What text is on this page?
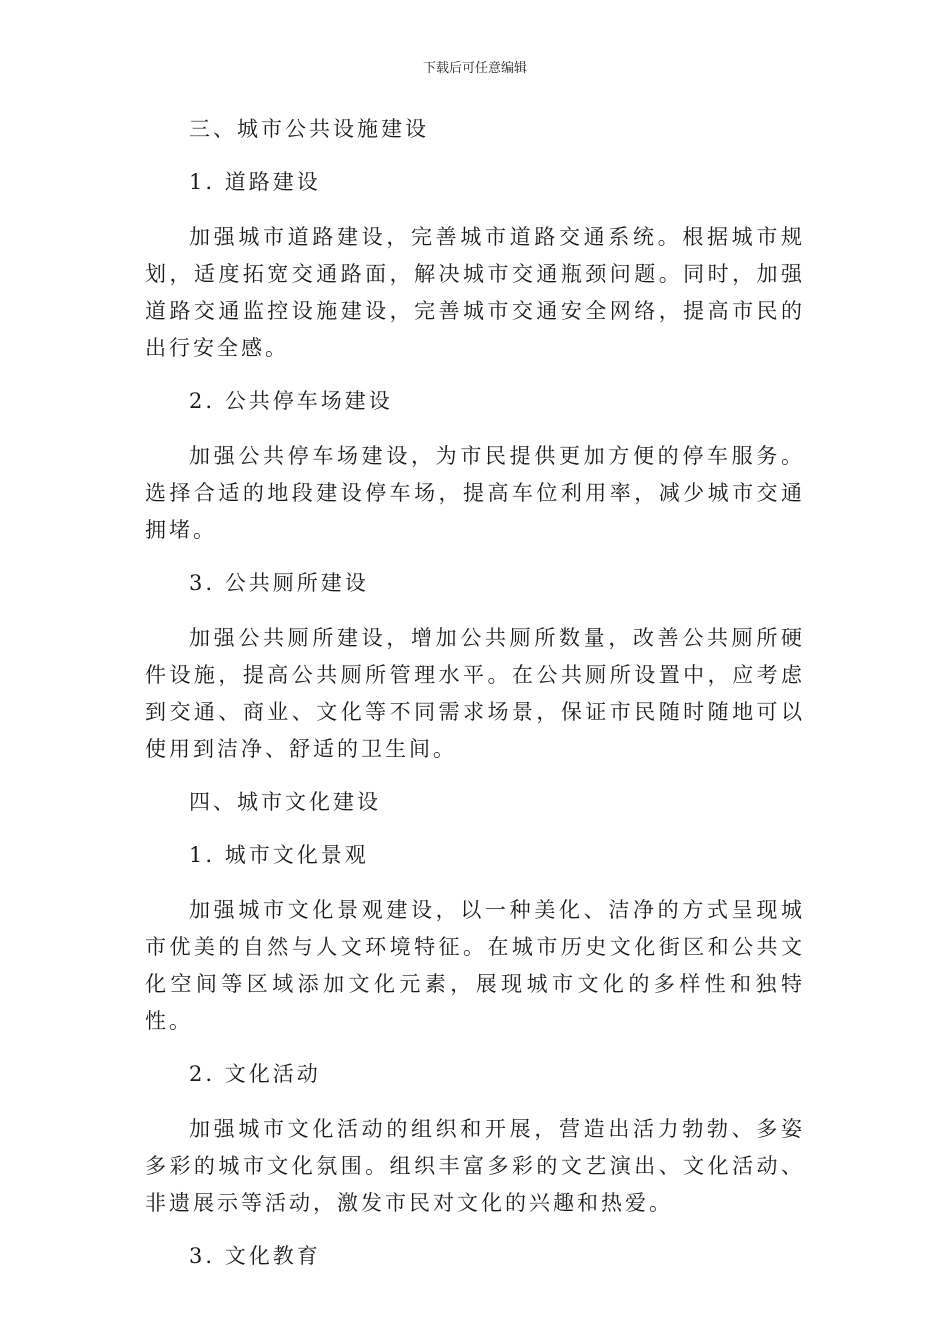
下载后可任意编辑

三、城市公共设施建设

1. 道路建设

加强城市道路建设，完善城市道路交通系统。根据城市规划，适度拓宽交通路面，解决城市交通瓶颈问题。同时，加强道路交通监控设施建设，完善城市交通安全网络，提高市民的出行安全感。

2. 公共停车场建设

加强公共停车场建设，为市民提供更加方便的停车服务。选择合适的地段建设停车场，提高车位利用率，减少城市交通拥堵。

3. 公共厕所建设

加强公共厕所建设，增加公共厕所数量，改善公共厕所硬件设施，提高公共厕所管理水平。在公共厕所设置中，应考虑到交通、商业、文化等不同需求场景，保证市民随时随地可以使用到洁净、舒适的卫生间。

四、城市文化建设

1. 城市文化景观

加强城市文化景观建设，以一种美化、洁净的方式呈现城市优美的自然与人文环境特征。在城市历史文化街区和公共文化空间等区域添加文化元素，展现城市文化的多样性和独特性。

2. 文化活动

加强城市文化活动的组织和开展，营造出活力勃勃、多姿多彩的城市文化氛围。组织丰富多彩的文艺演出、文化活动、非遗展示等活动，激发市民对文化的兴趣和热爱。

3. 文化教育
